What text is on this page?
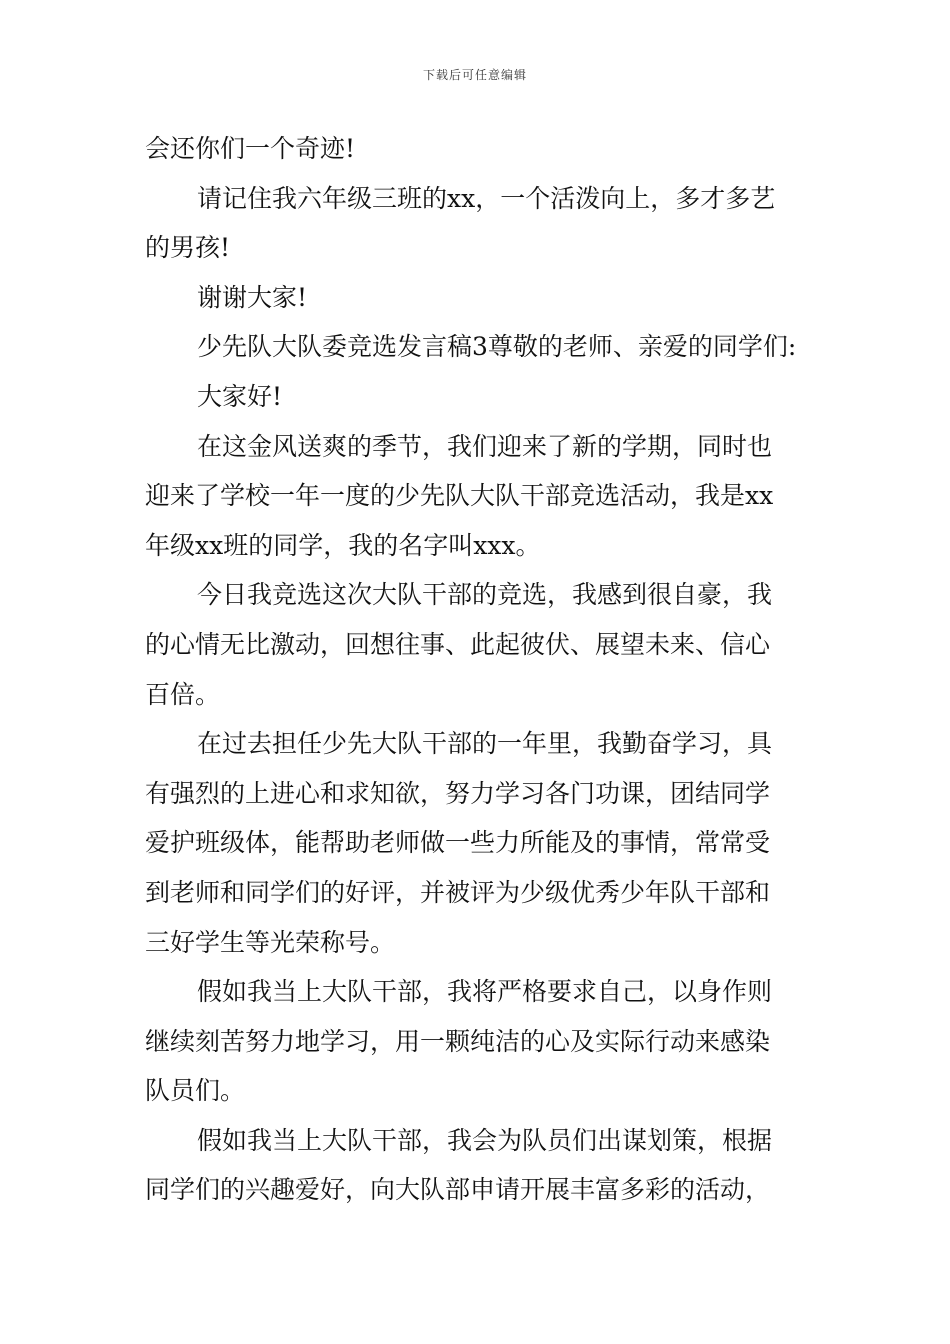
下载后可任意编辑
会还你们一个奇迹!
请记住我六年级三班的xx，一个活泼向上，多才多艺
的男孩!
谢谢大家!
少先队大队委竞选发言稿3尊敬的老师、亲爱的同学们:
大家好!
在这金风送爽的季节，我们迎来了新的学期，同时也
迎来了学校一年一度的少先队大队干部竞选活动，我是xx
年级xx班的同学，我的名字叫xxx。
今日我竞选这次大队干部的竞选，我感到很自豪，我
的心情无比激动，回想往事、此起彼伏、展望未来、信心
百倍。
在过去担任少先大队干部的一年里，我勤奋学习，具
有强烈的上进心和求知欲，努力学习各门功课，团结同学
爱护班级体，能帮助老师做一些力所能及的事情，常常受
到老师和同学们的好评，并被评为少级优秀少年队干部和
三好学生等光荣称号。
假如我当上大队干部，我将严格要求自己，以身作则
继续刻苦努力地学习，用一颗纯洁的心及实际行动来感染
队员们。
假如我当上大队干部，我会为队员们出谋划策，根据
同学们的兴趣爱好，向大队部申请开展丰富多彩的活动，
